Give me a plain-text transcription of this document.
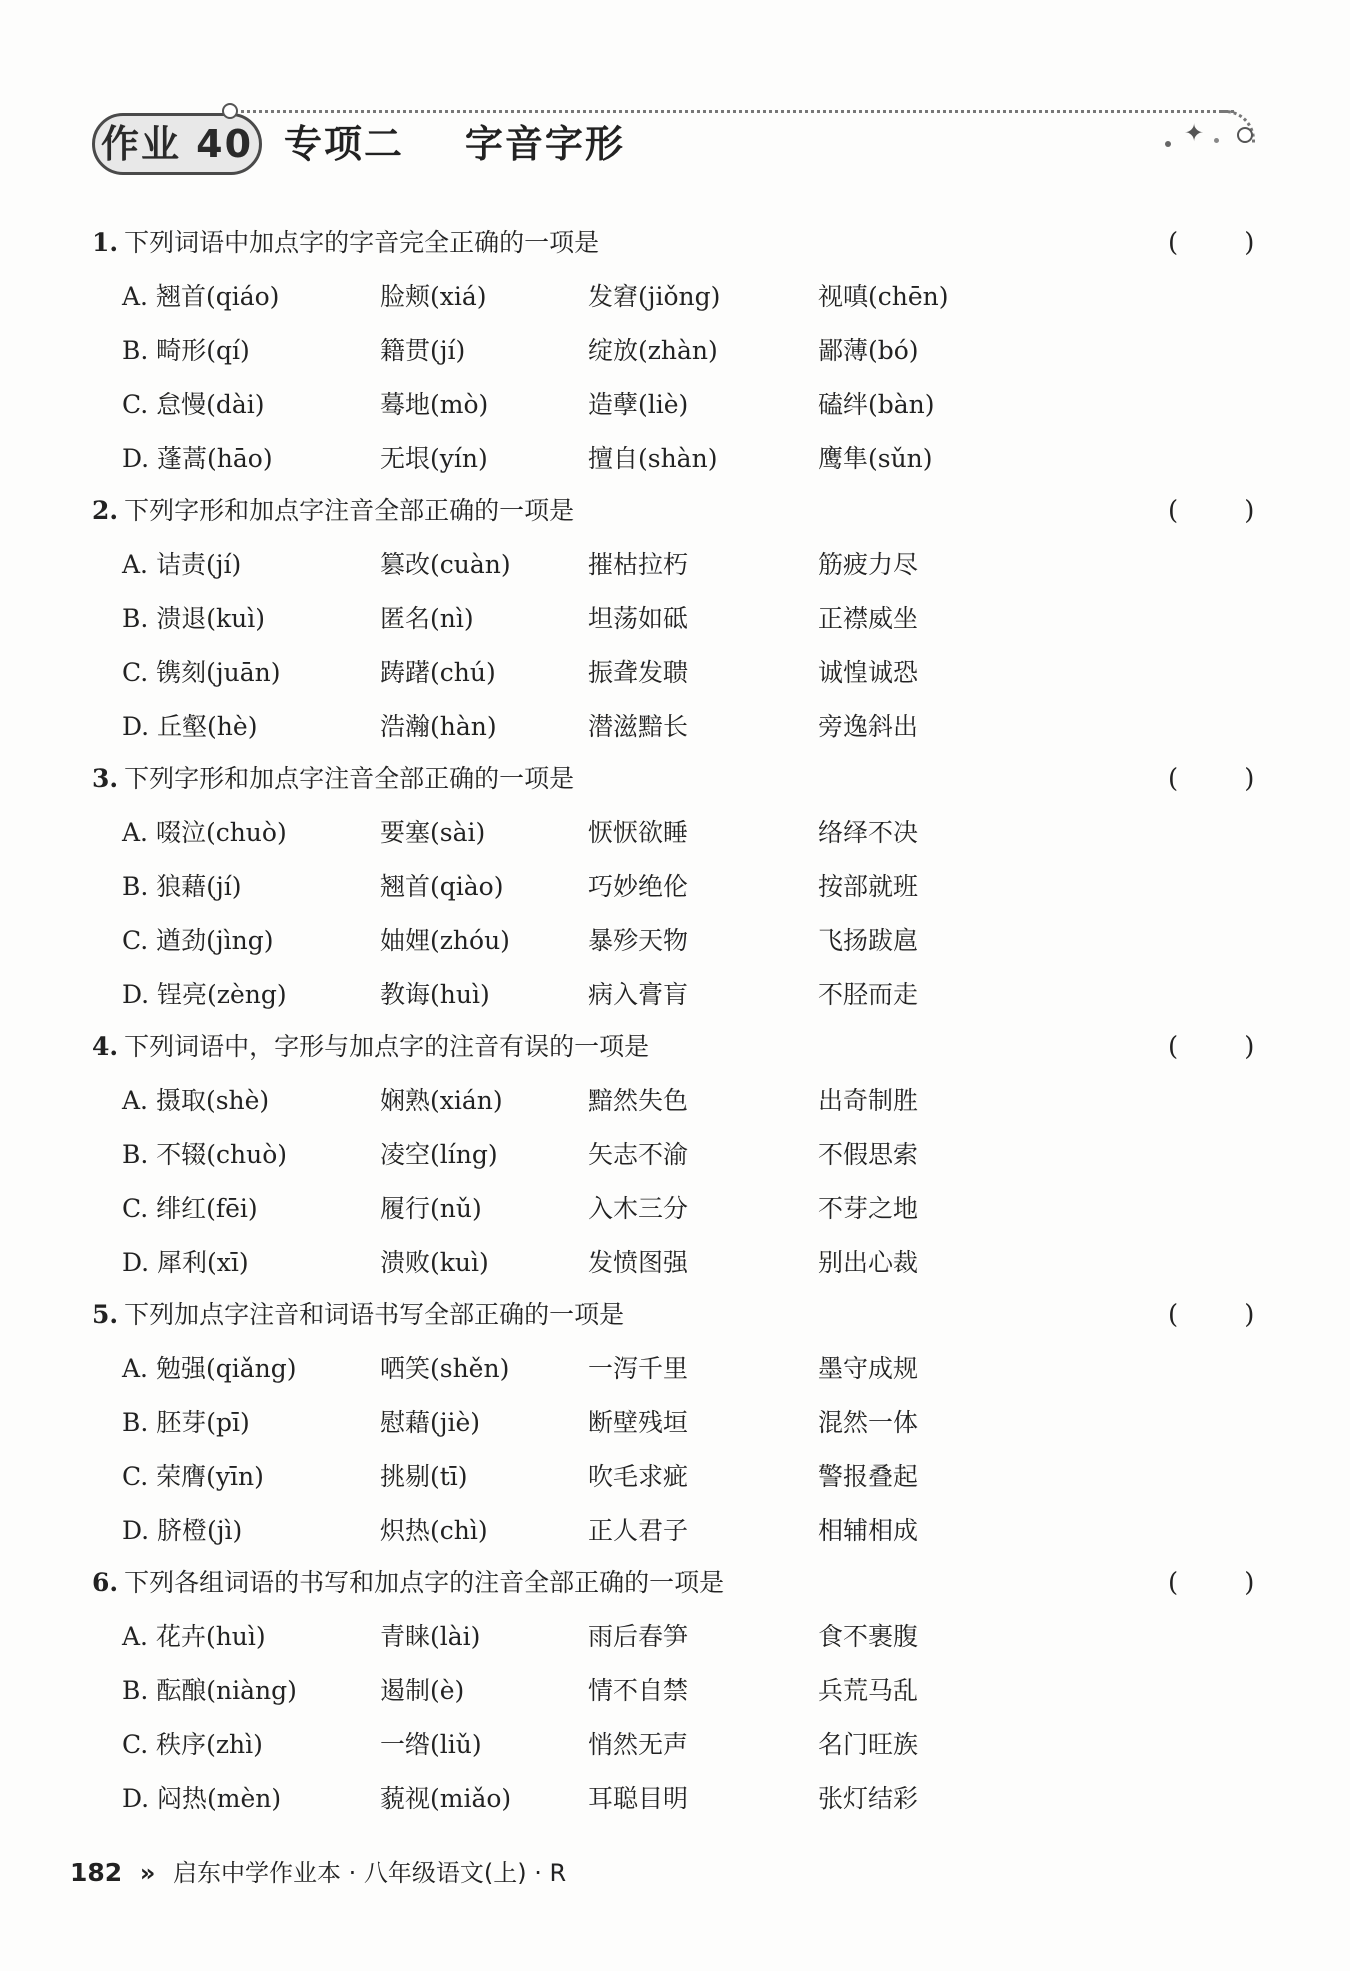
作业 40 专项二    字音字形	✦
1. 下列词语中加点字的字音完全正确的一项是	(        )
A. 翘首(qiáo)	脸颊(xiá)	发窘(jiǒng)	视嗔(chēn)
B. 畸形(qí)	籍贯(jí)	绽放(zhàn)	鄙薄(bó)
C. 怠慢(dài)	蓦地(mò)	造孽(liè)	磕绊(bàn)
D. 蓬蒿(hāo)	无垠(yín)	擅自(shàn)	鹰隼(sǔn)
2. 下列字形和加点字注音全部正确的一项是	(        )
A. 诘责(jí)	篡改(cuàn)	摧枯拉朽	筋疲力尽
B. 溃退(kuì)	匿名(nì)	坦荡如砥	正襟威坐
C. 镌刻(juān)	踌躇(chú)	振聋发聩	诚惶诚恐
D. 丘壑(hè)	浩瀚(hàn)	潜滋黯长	旁逸斜出
3. 下列字形和加点字注音全部正确的一项是	(        )
A. 啜泣(chuò)	要塞(sài)	恹恹欲睡	络绎不决
B. 狼藉(jí)	翘首(qiào)	巧妙绝伦	按部就班
C. 遒劲(jìng)	妯娌(zhóu)	暴殄天物	飞扬跋扈
D. 锃亮(zèng)	教诲(huì)	病入膏肓	不胫而走
4. 下列词语中，字形与加点字的注音有误的一项是	(        )
A. 摄取(shè)	娴熟(xián)	黯然失色	出奇制胜
B. 不辍(chuò)	凌空(líng)	矢志不渝	不假思索
C. 绯红(fēi)	履行(nǔ)	入木三分	不芽之地
D. 犀利(xī)	溃败(kuì)	发愤图强	别出心裁
5. 下列加点字注音和词语书写全部正确的一项是	(        )
A. 勉强(qiǎng)	哂笑(shěn)	一泻千里	墨守成规
B. 胚芽(pī)	慰藉(jiè)	断壁残垣	混然一体
C. 荣膺(yīn)	挑剔(tī)	吹毛求疵	警报叠起
D. 脐橙(jì)	炽热(chì)	正人君子	相辅相成
6. 下列各组词语的书写和加点字的注音全部正确的一项是	(        )
A. 花卉(huì)	青睐(lài)	雨后春笋	食不裹腹
B. 酝酿(niàng)	遏制(è)	情不自禁	兵荒马乱
C. 秩序(zhì)	一绺(liǔ)	悄然无声	名门旺族
D. 闷热(mèn)	藐视(miǎo)	耳聪目明	张灯结彩
182 » 启东中学作业本 · 八年级语文(上) · R
